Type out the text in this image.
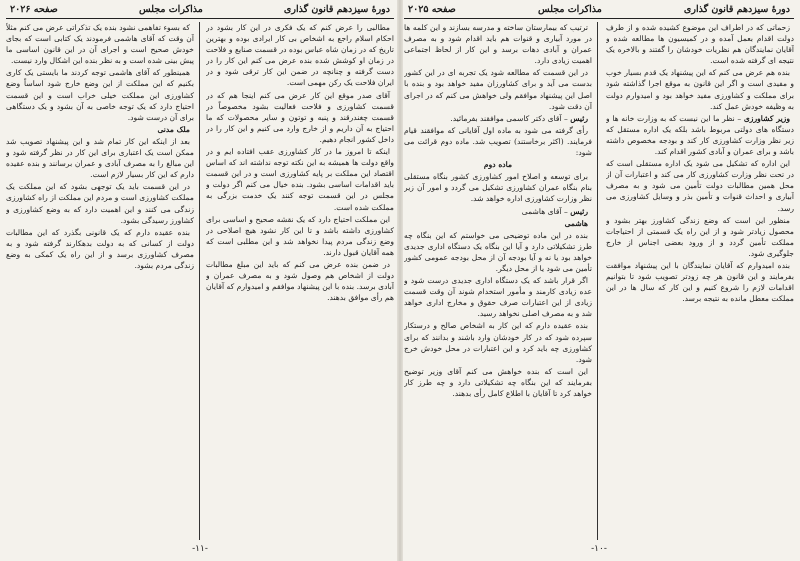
دورهٔ سیزدهم قانون گذاری
مذاکرات مجلس
صفحه ۲۰۲۶

مطالبی را عرض کنم که یک فکری در این کار بشود در احکام اسلام راجع به اشخاص بی کار ایرادی بوده و بهترین تاریخ که در زمان شاه عباس بوده در قسمت صنایع و فلاحت در زمان او کوشش شده بنده عرض می کنم این کار را در دست گرفته و چنانچه در ضمن این کار ترقی شود و در ایران فلاحت یک رکن مهمی است.

آقای صدر موقع این کار عرض می کنم اینجا هم که در قسمت کشاورزی و فلاحت فعالیت بشود مخصوصاً در قسمت چغندرقند و پنبه و توتون و سایر محصولات که ما احتیاج به آن داریم و از خارج وارد می کنیم و این کار را در داخل کشور انجام دهیم.

اینکه تا امروز ما در کار کشاورزی عقب افتاده ایم و در واقع دولت ها همیشه به این نکته توجه نداشته اند که اساس اقتصاد این مملکت بر پایه کشاورزی است و در این قسمت باید اقدامات اساسی بشود. بنده خیال می کنم اگر دولت و مجلس در این قسمت توجه کنند یک خدمت بزرگی به مملکت شده است.

این مملکت احتیاج دارد که یک نقشه صحیح و اساسی برای کشاورزی داشته باشد و تا این کار نشود هیچ اصلاحی در وضع زندگی مردم پیدا نخواهد شد و این مطلبی است که همه آقایان قبول دارند.

در ضمن بنده عرض می کنم که باید این مبلغ مطالبات دولت از اشخاص هم وصول شود و به مصرف عمران و آبادی برسد. بنده با این پیشنهاد موافقم و امیدوارم که آقایان هم رأی موافق بدهند.

که بسوء تفاهمی نشود بنده یک تذکراتی عرض می کنم مثلاً آن وقت که آقای هاشمی فرمودند یک کتابی است که بجای خودش صحیح است و اجرای آن در این قانون اساسی ما پیش بینی شده است و به نظر بنده این اشکال وارد نیست.

همینطور که آقای هاشمی توجه کردند ما بایستی یک کاری بکنیم که این مملکت از این وضع خارج شود اساساً وضع کشاورزی این مملکت خیلی خراب است و این قسمت احتیاج دارد که یک توجه خاصی به آن بشود و یک دستگاهی برای آن درست شود.

ملک مدنی

بعد از اینکه این کار تمام شد و این پیشنهاد تصویب شد ممکن است یک اعتباری برای این کار در نظر گرفته شود و این مبالغ را به مصرف آبادی و عمران برسانند و بنده عقیده دارم که این کار بسیار لازم است.

در این قسمت باید یک توجهی بشود که این مملکت یک مملکت کشاورزی است و مردم این مملکت از راه کشاورزی زندگی می کنند و این اهمیت دارد که به وضع کشاورزی و کشاورز رسیدگی بشود.

بنده عقیده دارم که یک قانونی بگذرد که این مطالبات دولت از کسانی که به دولت بدهکارند گرفته شود و به مصرف کشاورزی برسد و از این راه یک کمکی به وضع زندگی مردم بشود.

-۱۱-
دورهٔ سیزدهم قانون گذاری
مذاکرات مجلس
صفحه ۲۰۲۵

زحماتی که در اطراف این موضوع کشیده شده و از طرف دولت اقدام بعمل آمده و در کمیسیون ها مطالعه شده و آقایان نمایندگان هم نظریات خودشان را گفتند و بالاخره یک نتیجه ای گرفته شده است.

بنده هم عرض می کنم که این پیشنهاد یک قدم بسیار خوب و مفیدی است و اگر این قانون به موقع اجرا گذاشته شود برای مملکت و کشاورزی مفید خواهد بود و امیدوارم دولت به وظیفه خودش عمل کند.

وزیر کشاورزی – نظر ما این نیست که به وزارت خانه ها و دستگاه های دولتی مربوط باشد بلکه یک اداره مستقل که زیر نظر وزارت کشاورزی کار کند و بودجه مخصوص داشته باشد و برای عمران و آبادی کشور اقدام کند.

این اداره که تشکیل می شود یک اداره مستقلی است که در تحت نظر وزارت کشاورزی کار می کند و اعتبارات آن از محل همین مطالبات دولت تأمین می شود و به مصرف آبیاری و احداث قنوات و تأمین بذر و وسایل کشاورزی می رسد.

منظور این است که وضع زندگی کشاورز بهتر بشود و محصول زیادتر شود و از این راه یک قسمتی از احتیاجات مملکت تأمین گردد و از ورود بعضی اجناس از خارج جلوگیری شود.

بنده امیدوارم که آقایان نمایندگان با این پیشنهاد موافقت بفرمایند و این قانون هر چه زودتر تصویب شود تا بتوانیم اقدامات لازم را شروع کنیم و این کار که سال ها در این مملکت معطل مانده به نتیجه برسد.

ترتیب که بیمارستان ساخته و مدرسه بسازند و این کلمه ها در مورد آبیاری و قنوات هم باید اقدام شود و به مصرف عمران و آبادی دهات برسد و این کار از لحاظ اجتماعی اهمیت زیادی دارد.

در این قسمت که مطالعه شود یک تجربه ای در این کشور بدست می آید و برای کشاورزان مفید خواهد بود و بنده با اصل این پیشنهاد موافقم ولی خواهش می کنم که در اجرای آن دقت شود.

رئیس – آقای دکتر کاسمی موافقند بفرمائید.

رأی گرفته می شود به ماده اول آقایانی که موافقند قیام فرمایند. (اکثر برخاستند) تصویب شد. ماده دوم قرائت می شود:

ماده دوم

برای توسعه و اصلاح امور کشاورزی کشور بنگاه مستقلی بنام بنگاه عمران کشاورزی تشکیل می گردد و امور آن زیر نظر وزارت کشاورزی اداره خواهد شد.

رئیس – آقای هاشمی

هاشمی

بنده در این ماده توضیحی می خواستم که این بنگاه چه طرز تشکیلاتی دارد و آیا این بنگاه یک دستگاه اداری جدیدی خواهد بود یا نه و آیا بودجه آن از محل بودجه عمومی کشور تأمین می شود یا از محل دیگر.

اگر قرار باشد که یک دستگاه اداری جدیدی درست شود و عده زیادی کارمند و مأمور استخدام شوند آن وقت قسمت زیادی از این اعتبارات صرف حقوق و مخارج اداری خواهد شد و به مصرف اصلی نخواهد رسید.

بنده عقیده دارم که این کار به اشخاص صالح و درستکار سپرده شود که در کار خودشان وارد باشند و بدانند که برای کشاورزی چه باید کرد و این اعتبارات در محل خودش خرج شود.

این است که بنده خواهش می کنم آقای وزیر توضیح بفرمایند که این بنگاه چه تشکیلاتی دارد و چه طرز کار خواهد کرد تا آقایان با اطلاع کامل رأی بدهند.

-۱۰-
